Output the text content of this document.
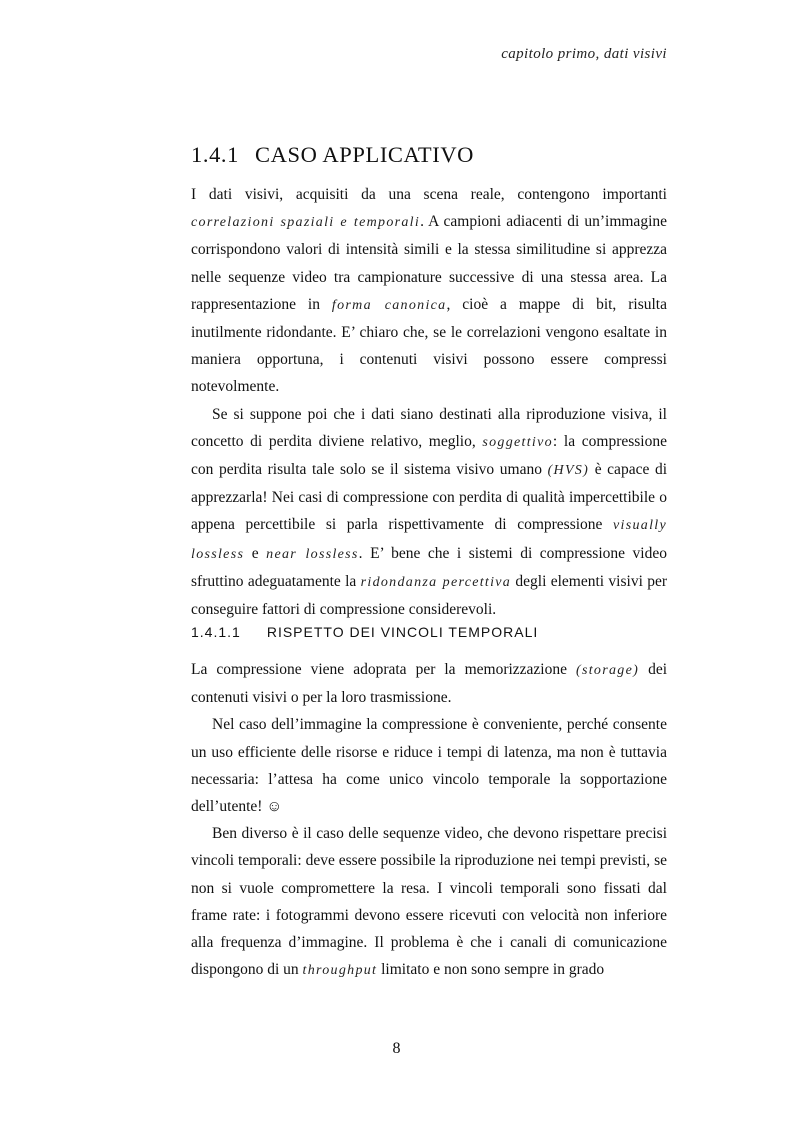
capitolo primo, dati visivi
1.4.1 CASO APPLICATIVO

I dati visivi, acquisiti da una scena reale, contengono importanti correlazioni spaziali e temporali. A campioni adiacenti di un’immagine corrispondono valori di intensità simili e la stessa similitudine si apprezza nelle sequenze video tra campionature successive di una stessa area. La rappresentazione in forma canonica, cioè a mappe di bit, risulta inutilmente ridondante. E’ chiaro che, se le correlazioni vengono esaltate in maniera opportuna, i contenuti visivi possono essere compressi notevolmente.

Se si suppone poi che i dati siano destinati alla riproduzione visiva, il concetto di perdita diviene relativo, meglio, soggettivo: la compressione con perdita risulta tale solo se il sistema visivo umano (HVS) è capace di apprezzarla! Nei casi di compressione con perdita di qualità impercettibile o appena percettibile si parla rispettivamente di compressione visually lossless e near lossless. E’ bene che i sistemi di compressione video sfruttino adeguatamente la ridondanza percettiva degli elementi visivi per conseguire fattori di compressione considerevoli.

1.4.1.1 RISPETTO DEI VINCOLI TEMPORALI

La compressione viene adoprata per la memorizzazione (storage) dei contenuti visivi o per la loro trasmissione.

Nel caso dell’immagine la compressione è conveniente, perché consente un uso efficiente delle risorse e riduce i tempi di latenza, ma non è tuttavia necessaria: l’attesa ha come unico vincolo temporale la sopportazione dell’utente! ☺

Ben diverso è il caso delle sequenze video, che devono rispettare precisi vincoli temporali: deve essere possibile la riproduzione nei tempi previsti, se non si vuole compromettere la resa. I vincoli temporali sono fissati dal frame rate: i fotogrammi devono essere ricevuti con velocità non inferiore alla frequenza d’immagine. Il problema è che i canali di comunicazione dispongono di un throughput limitato e non sono sempre in grado

8
